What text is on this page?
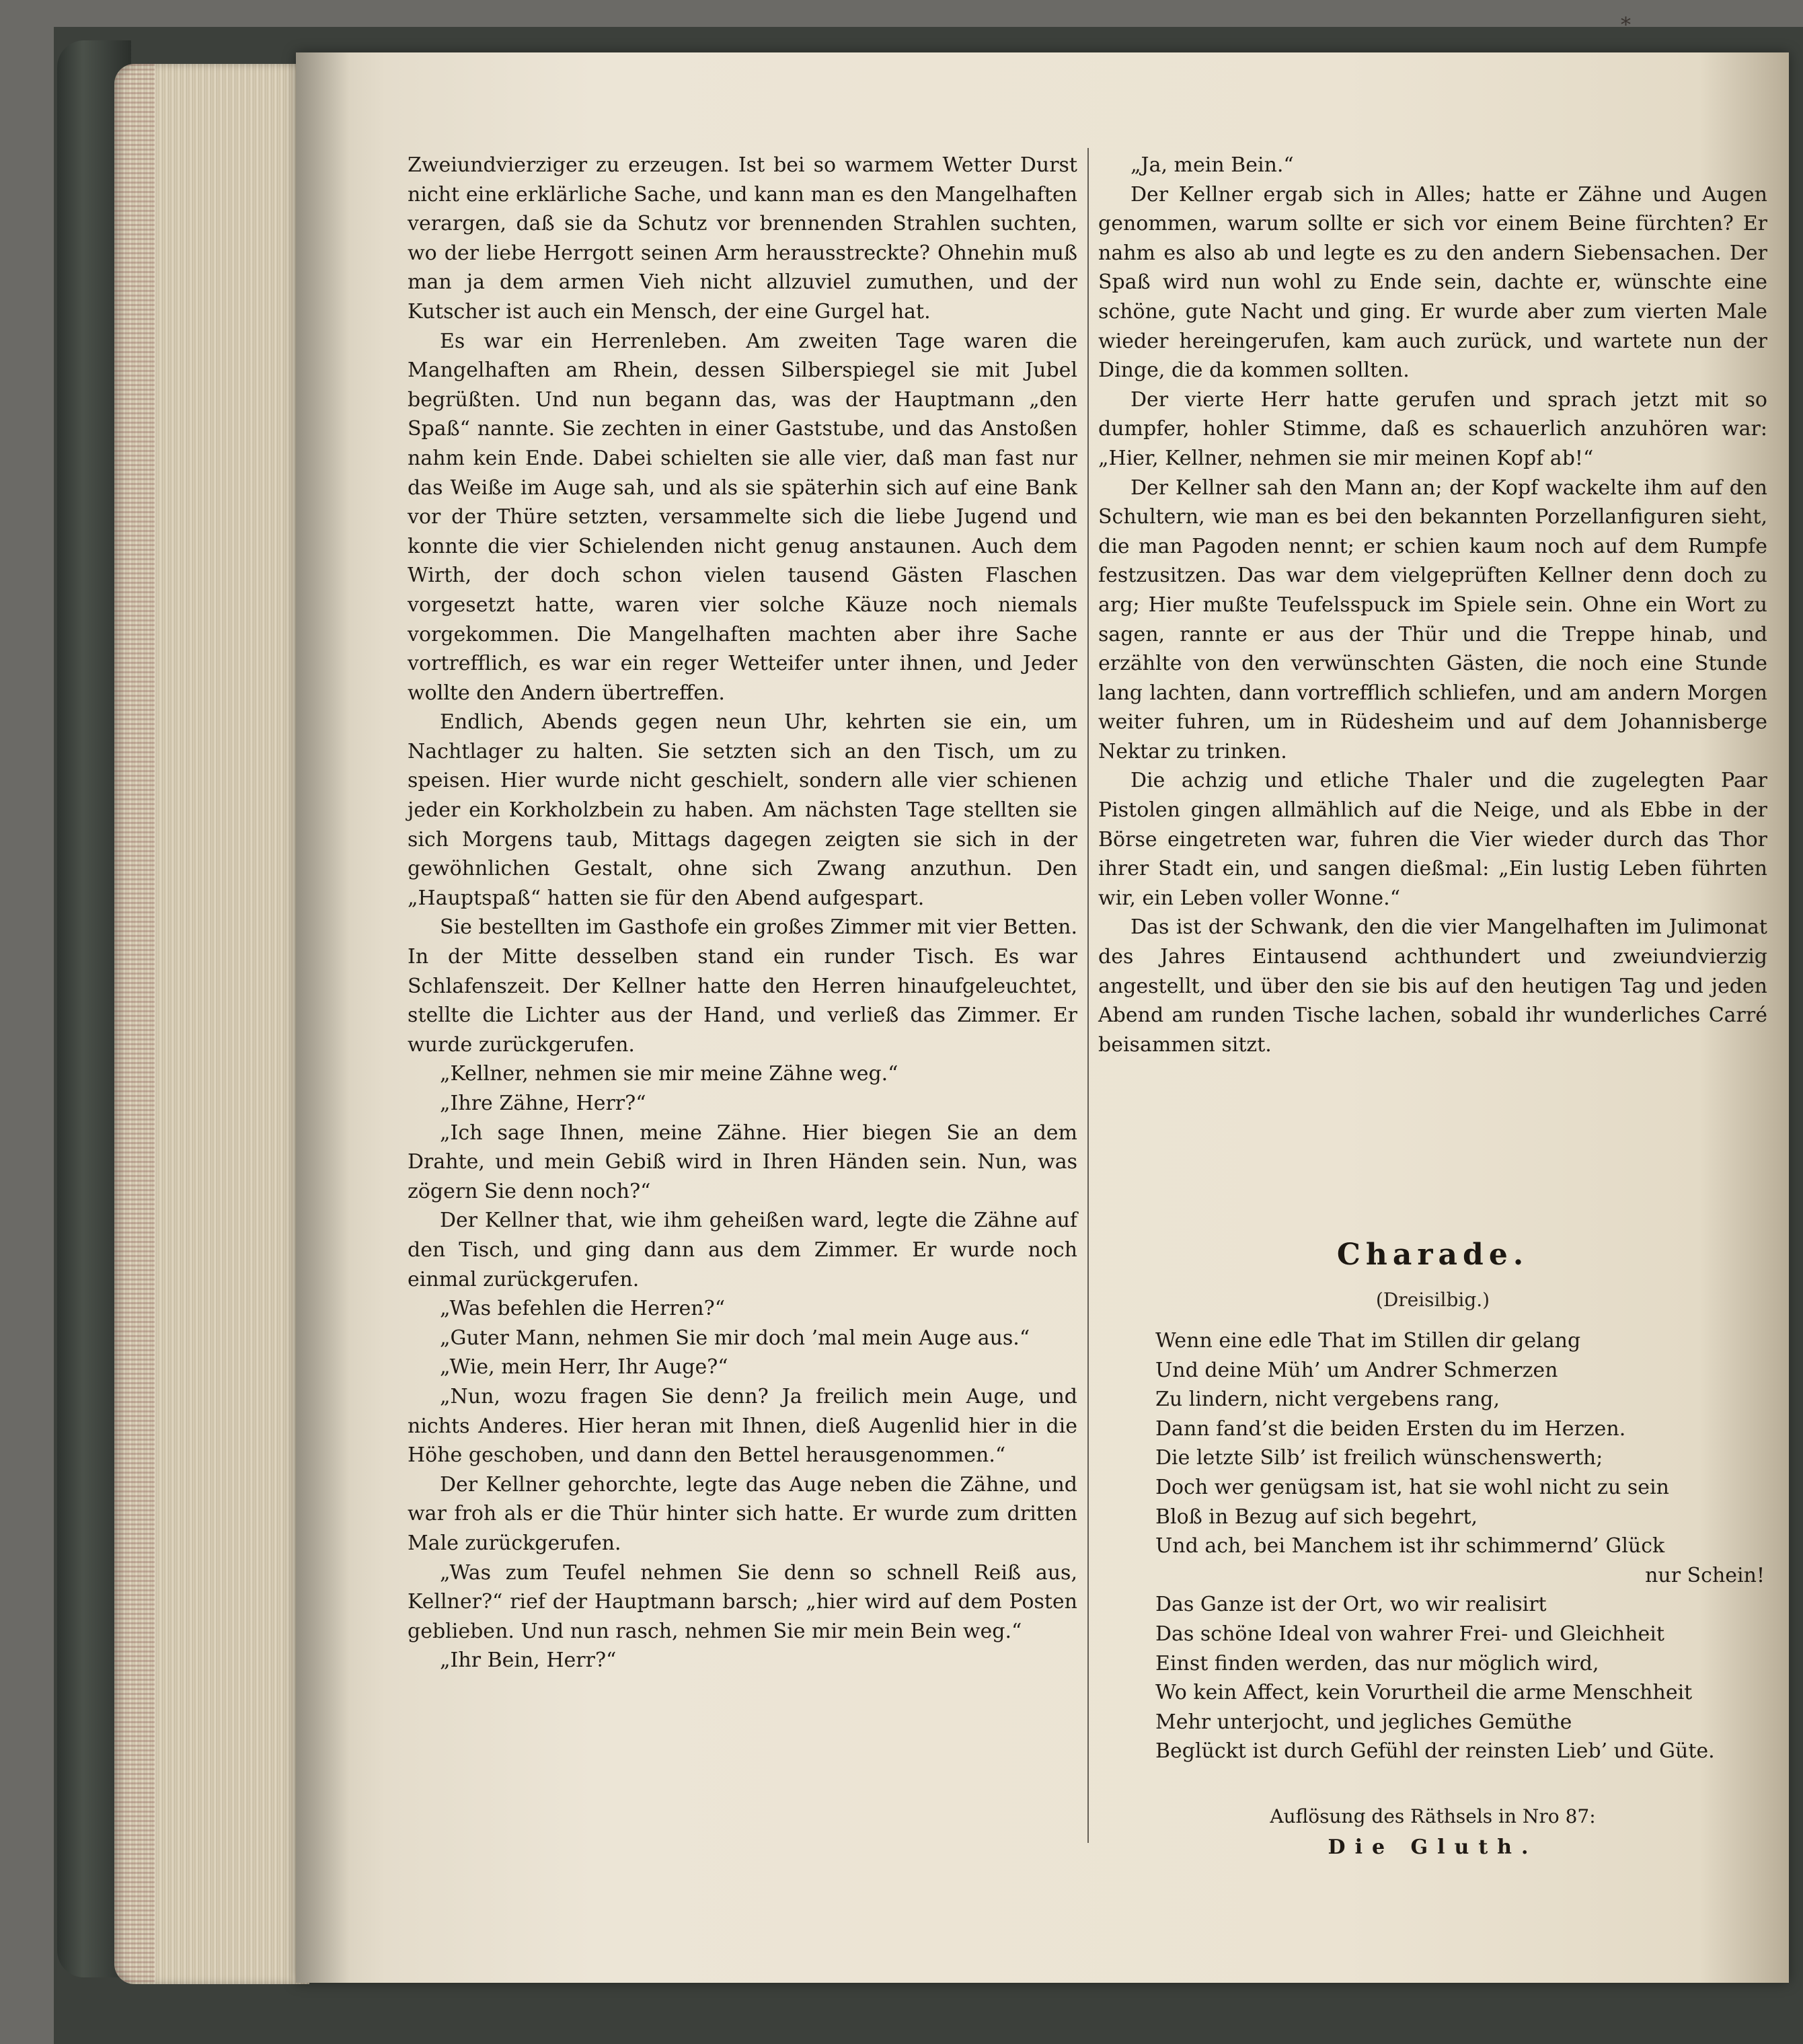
*

Zweiundvierziger zu erzeugen. Ist bei so warmem Wetter Durst nicht eine erklärliche Sache, und kann man es den Mangelhaften verargen, daß sie da Schutz vor brennenden Strahlen suchten, wo der liebe Herrgott seinen Arm herausstreckte? Ohnehin muß man ja dem armen Vieh nicht allzuviel zumuthen, und der Kutscher ist auch ein Mensch, der eine Gurgel hat.

Es war ein Herrenleben. Am zweiten Tage waren die Mangelhaften am Rhein, dessen Silberspiegel sie mit Jubel begrüßten. Und nun begann das, was der Hauptmann „den Spaß“ nannte. Sie zechten in einer Gaststube, und das Anstoßen nahm kein Ende. Dabei schielten sie alle vier, daß man fast nur das Weiße im Auge sah, und als sie späterhin sich auf eine Bank vor der Thüre setzten, versammelte sich die liebe Jugend und konnte die vier Schielenden nicht genug anstaunen. Auch dem Wirth, der doch schon vielen tausend Gästen Flaschen vorgesetzt hatte, waren vier solche Käuze noch niemals vorgekommen. Die Mangelhaften machten aber ihre Sache vortrefflich, es war ein reger Wetteifer unter ihnen, und Jeder wollte den Andern übertreffen.

Endlich, Abends gegen neun Uhr, kehrten sie ein, um Nachtlager zu halten. Sie setzten sich an den Tisch, um zu speisen. Hier wurde nicht geschielt, sondern alle vier schienen jeder ein Korkholzbein zu haben. Am nächsten Tage stellten sie sich Morgens taub, Mittags dagegen zeigten sie sich in der gewöhnlichen Gestalt, ohne sich Zwang anzuthun. Den „Hauptspaß“ hatten sie für den Abend aufgespart.

Sie bestellten im Gasthofe ein großes Zimmer mit vier Betten. In der Mitte desselben stand ein runder Tisch. Es war Schlafenszeit. Der Kellner hatte den Herren hinaufgeleuchtet, stellte die Lichter aus der Hand, und verließ das Zimmer. Er wurde zurückgerufen.

„Kellner, nehmen sie mir meine Zähne weg.“

„Ihre Zähne, Herr?“

„Ich sage Ihnen, meine Zähne. Hier biegen Sie an dem Drahte, und mein Gebiß wird in Ihren Händen sein. Nun, was zögern Sie denn noch?“

Der Kellner that, wie ihm geheißen ward, legte die Zähne auf den Tisch, und ging dann aus dem Zimmer. Er wurde noch einmal zurückgerufen.

„Was befehlen die Herren?“

„Guter Mann, nehmen Sie mir doch ’mal mein Auge aus.“

„Wie, mein Herr, Ihr Auge?“

„Nun, wozu fragen Sie denn? Ja freilich mein Auge, und nichts Anderes. Hier heran mit Ihnen, dieß Augenlid hier in die Höhe geschoben, und dann den Bettel herausgenommen.“

Der Kellner gehorchte, legte das Auge neben die Zähne, und war froh als er die Thür hinter sich hatte. Er wurde zum dritten Male zurückgerufen.

„Was zum Teufel nehmen Sie denn so schnell Reiß aus, Kellner?“ rief der Hauptmann barsch; „hier wird auf dem Posten geblieben. Und nun rasch, nehmen Sie mir mein Bein weg.“

„Ihr Bein, Herr?“

„Ja, mein Bein.“

Der Kellner ergab sich in Alles; hatte er Zähne und Augen genommen, warum sollte er sich vor einem Beine fürchten? Er nahm es also ab und legte es zu den andern Siebensachen. Der Spaß wird nun wohl zu Ende sein, dachte er, wünschte eine schöne, gute Nacht und ging. Er wurde aber zum vierten Male wieder hereingerufen, kam auch zurück, und wartete nun der Dinge, die da kommen sollten.

Der vierte Herr hatte gerufen und sprach jetzt mit so dumpfer, hohler Stimme, daß es schauerlich anzuhören war: „Hier, Kellner, nehmen sie mir meinen Kopf ab!“

Der Kellner sah den Mann an; der Kopf wackelte ihm auf den Schultern, wie man es bei den bekannten Porzellanfiguren sieht, die man Pagoden nennt; er schien kaum noch auf dem Rumpfe festzusitzen. Das war dem vielgeprüften Kellner denn doch zu arg; Hier mußte Teufelsspuck im Spiele sein. Ohne ein Wort zu sagen, rannte er aus der Thür und die Treppe hinab, und erzählte von den verwünschten Gästen, die noch eine Stunde lang lachten, dann vortrefflich schliefen, und am andern Morgen weiter fuhren, um in Rüdesheim und auf dem Johannisberge Nektar zu trinken.

Die achzig und etliche Thaler und die zugelegten Paar Pistolen gingen allmählich auf die Neige, und als Ebbe in der Börse eingetreten war, fuhren die Vier wieder durch das Thor ihrer Stadt ein, und sangen dießmal: „Ein lustig Leben führten wir, ein Leben voller Wonne.“

Das ist der Schwank, den die vier Mangelhaften im Julimonat des Jahres Eintausend achthundert und zweiundvierzig angestellt, und über den sie bis auf den heutigen Tag und jeden Abend am runden Tische lachen, sobald ihr wunderliches Carré beisammen sitzt.

Charade.
(Dreisilbig.)
Wenn eine edle That im Stillen dir gelang
Und deine Müh’ um Andrer Schmerzen
Zu lindern, nicht vergebens rang,
Dann fand’st die beiden Ersten du im Herzen.
Die letzte Silb’ ist freilich wünschenswerth;
Doch wer genügsam ist, hat sie wohl nicht zu sein
Bloß in Bezug auf sich begehrt,
Und ach, bei Manchem ist ihr schimmernd’ Glück
nur Schein!
Das Ganze ist der Ort, wo wir realisirt
Das schöne Ideal von wahrer Frei- und Gleichheit
Einst finden werden, das nur möglich wird,
Wo kein Affect, kein Vorurtheil die arme Menschheit
Mehr unterjocht, und jegliches Gemüthe
Beglückt ist durch Gefühl der reinsten Lieb’ und Güte.
Auflösung des Räthsels in Nro 87:
Die Gluth.
